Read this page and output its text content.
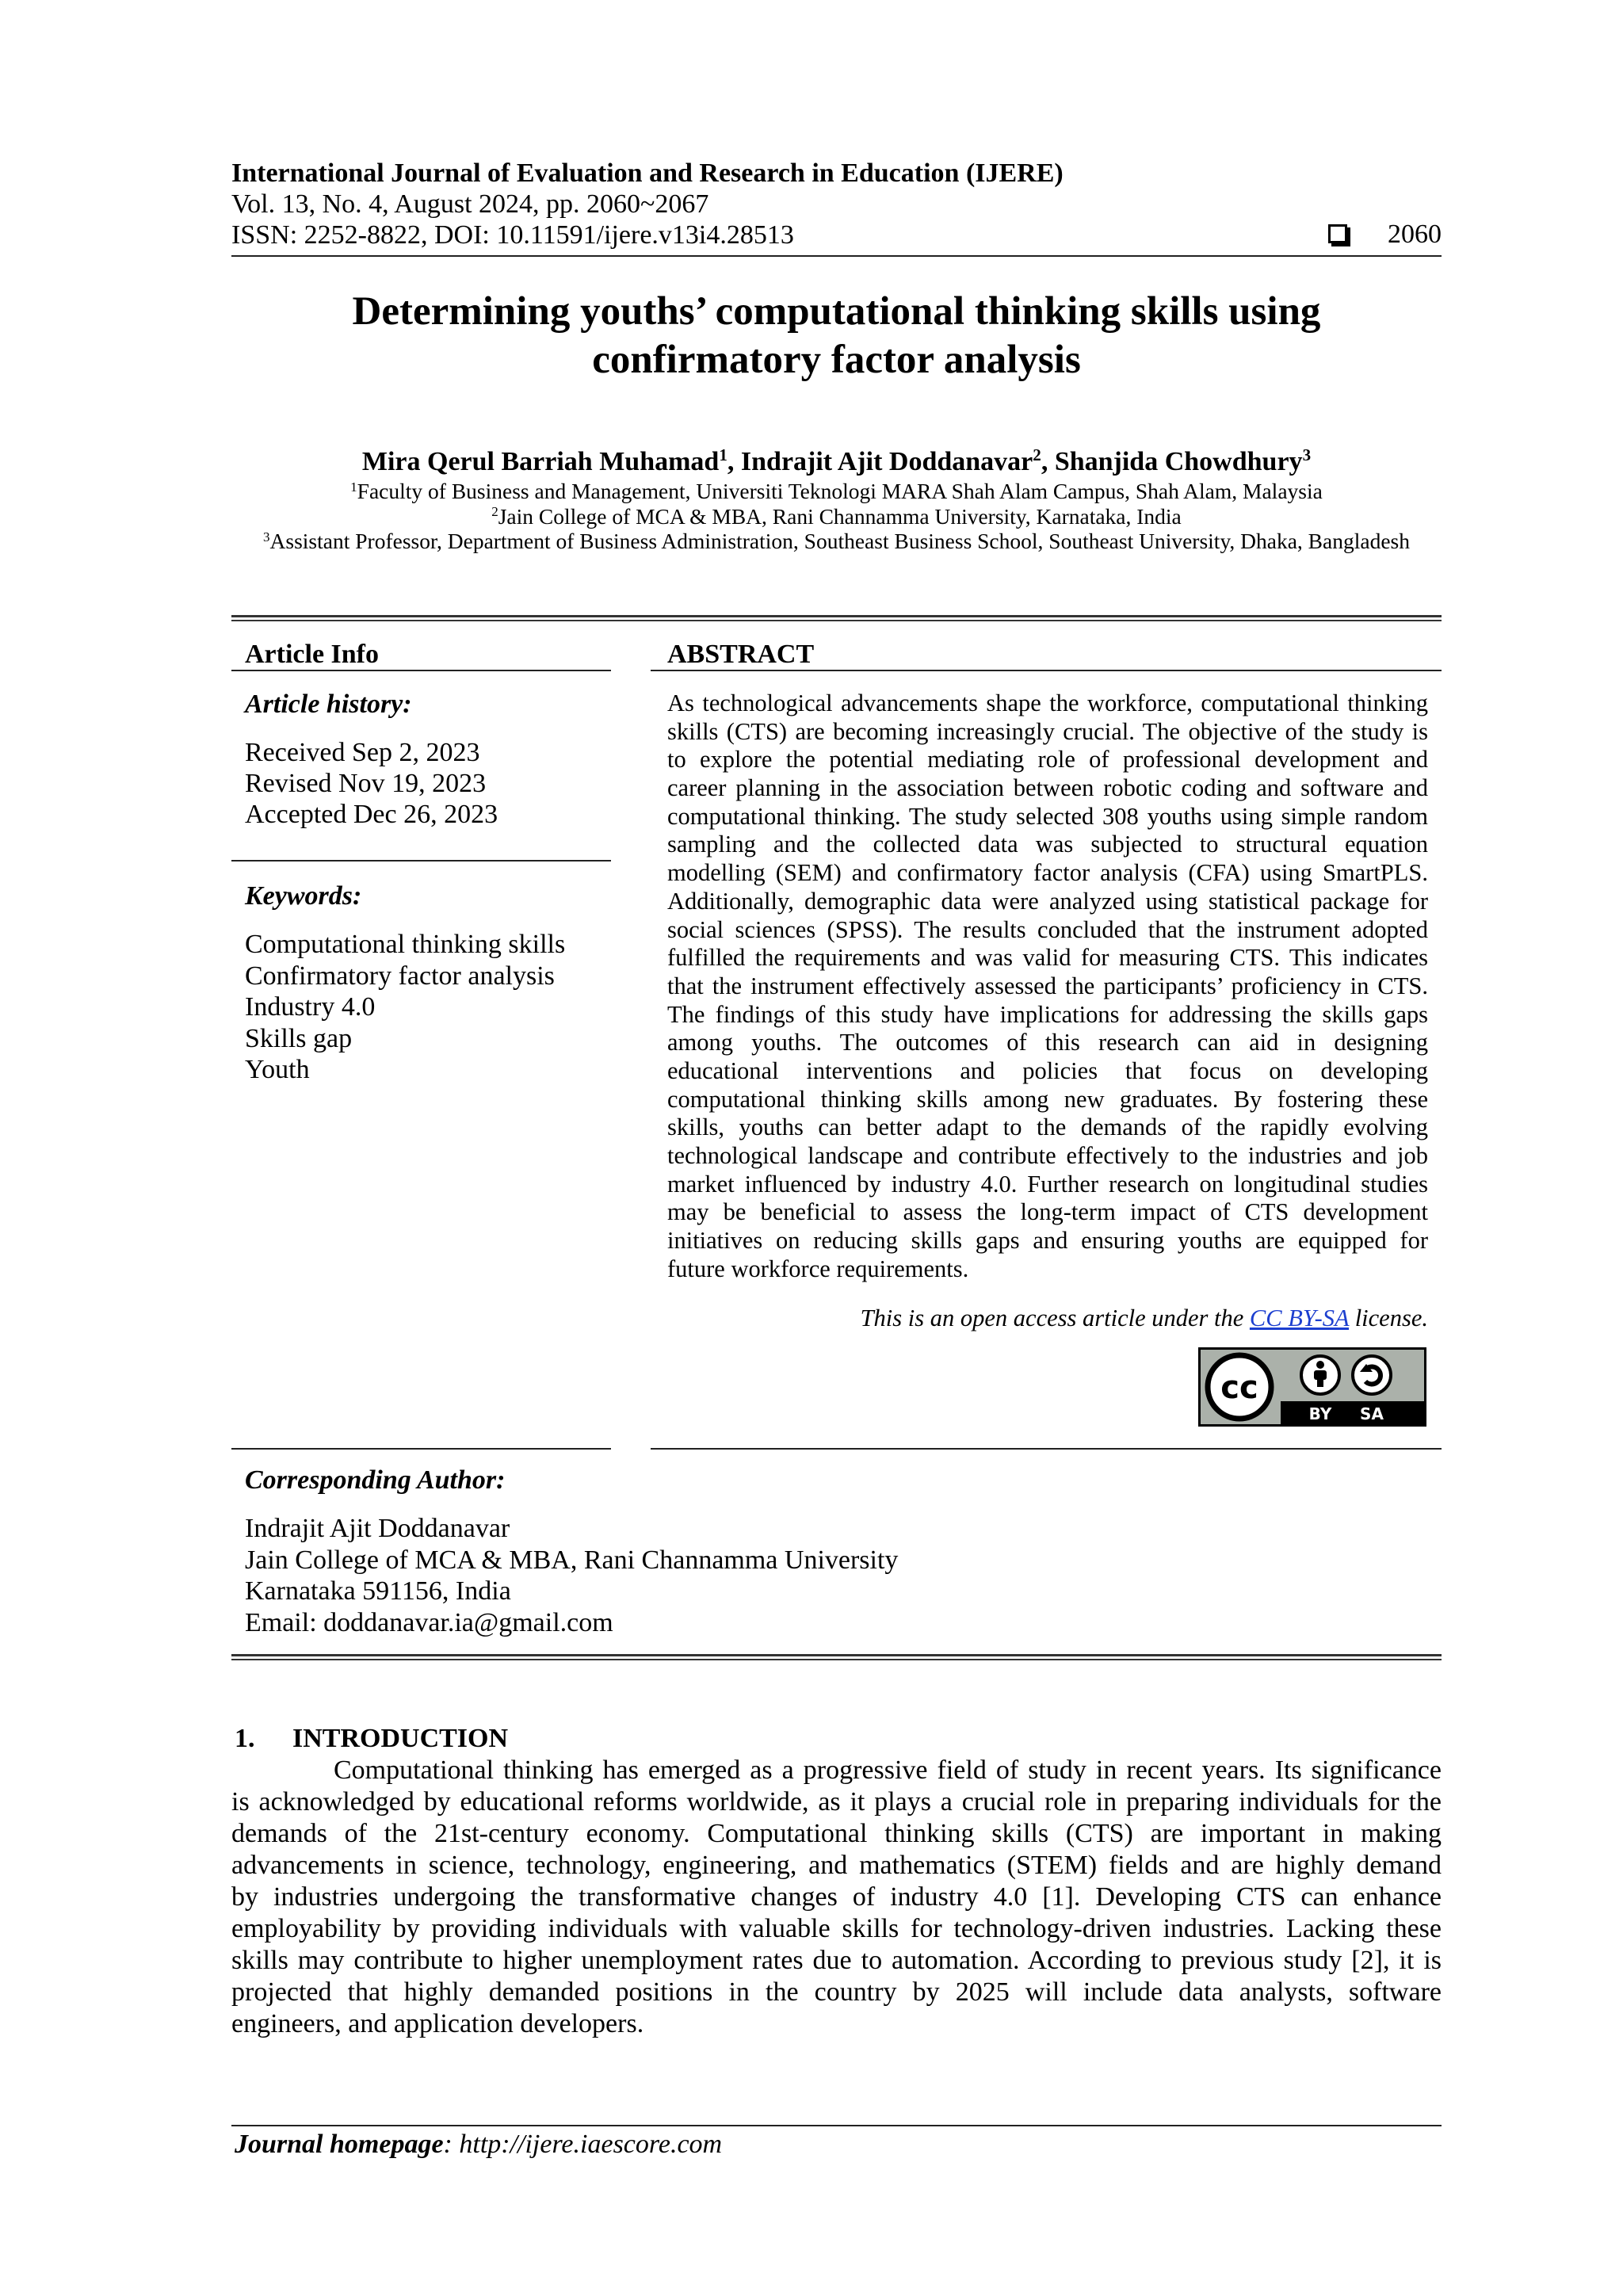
International Journal of Evaluation and Research in Education (IJERE)
Vol. 13, No. 4, August 2024, pp. 2060~2067
ISSN: 2252-8822, DOI: 10.11591/ijere.v13i4.28513	2060
Determining youths’ computational thinking skills using
confirmatory factor analysis
Mira Qerul Barriah Muhamad$^1$, Indrajit Ajit Doddanavar$^2$, Shanjida Chowdhury$^3$
$^1$Faculty of Business and Management, Universiti Teknologi MARA Shah Alam Campus, Shah Alam, Malaysia
$^2$Jain College of MCA & MBA, Rani Channamma University, Karnataka, India
$^3$Assistant Professor, Department of Business Administration, Southeast Business School, Southeast University, Dhaka, Bangladesh
Article Info	ABSTRACT
Article history:
Received Sep 2, 2023
Revised Nov 19, 2023
Accepted Dec 26, 2023
Keywords:
Computational thinking skills
Confirmatory factor analysis
Industry 4.0
Skills gap
Youth
As technological advancements shape the workforce, computational thinking
skills (CTS) are becoming increasingly crucial. The objective of the study is
to explore the potential mediating role of professional development and
career planning in the association between robotic coding and software and
computational thinking. The study selected 308 youths using simple random
sampling and the collected data was subjected to structural equation
modelling (SEM) and confirmatory factor analysis (CFA) using SmartPLS.
Additionally, demographic data were analyzed using statistical package for
social sciences (SPSS). The results concluded that the instrument adopted
fulfilled the requirements and was valid for measuring CTS. This indicates
that the instrument effectively assessed the participants’ proficiency in CTS.
The findings of this study have implications for addressing the skills gaps
among youths. The outcomes of this research can aid in designing
educational interventions and policies that focus on developing
computational thinking skills among new graduates. By fostering these
skills, youths can better adapt to the demands of the rapidly evolving
technological landscape and contribute effectively to the industries and job
market influenced by industry 4.0. Further research on longitudinal studies
may be beneficial to assess the long-term impact of CTS development
initiatives on reducing skills gaps and ensuring youths are equipped for
future workforce requirements.
This is an open access article under the CC BY-SA license.
cc
BY SA
Corresponding Author:
Indrajit Ajit Doddanavar
Jain College of MCA & MBA, Rani Channamma University
Karnataka 591156, India
Email: doddanavar.ia@gmail.com
1. INTRODUCTION
Computational thinking has emerged as a progressive field of study in recent years. Its significance
is acknowledged by educational reforms worldwide, as it plays a crucial role in preparing individuals for the
demands of the 21st-century economy. Computational thinking skills (CTS) are important in making
advancements in science, technology, engineering, and mathematics (STEM) fields and are highly demand
by industries undergoing the transformative changes of industry 4.0 [1]. Developing CTS can enhance
employability by providing individuals with valuable skills for technology-driven industries. Lacking these
skills may contribute to higher unemployment rates due to automation. According to previous study [2], it is
projected that highly demanded positions in the country by 2025 will include data analysts, software
engineers, and application developers.
Journal homepage: http://ijere.iaescore.com
